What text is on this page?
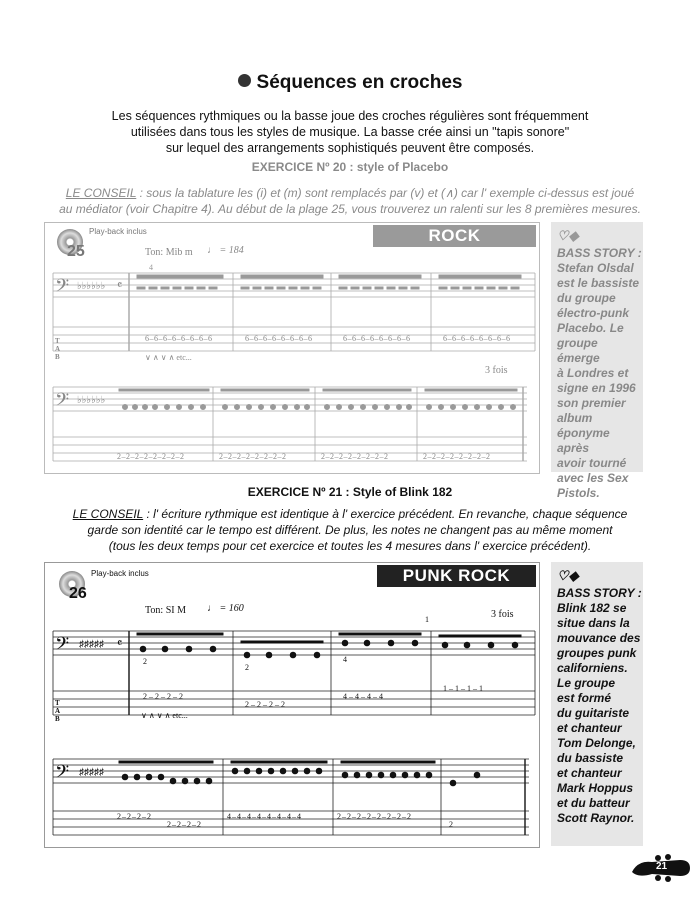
Séquences en croches
Les séquences rythmiques ou la basse joue des croches régulières sont fréquemment
utilisées dans tous les styles de musique. La basse crée ainsi un "tapis sonore"
sur lequel des arrangements sophistiqués peuvent être composés.
EXERCICE Nº 20 : style of Placebo
LE CONSEIL : sous la tablature les (i) et (m) sont remplacés par (v) et (∧) car l' exemple ci-dessus est joué
au médiator (voir Chapitre 4). Au début de la plage 25, vous trouverez un ralenti sur les 8 premières mesures.
25
Play-back inclus	ROCK ALTERNATIF
Ton: Mib m ♩ = 184
4
𝄢
𝄢
♭♭♭♭♭♭
♭♭♭♭♭♭
𝄴
T
A
B
6–6–6–6–6–6–6–6	6–6–6–6–6–6–6–6	6–6–6–6–6–6–6–6	6–6–6–6–6–6–6–6
∨ ∧ ∨ ∧ etc...
3 fois
2–2–2–2–2–2–2–2	2–2–2–2–2–2–2–2	2–2–2–2–2–2–2–2	2–2–2–2–2–2–2–2
♡◆
BASS STORY :
Stefan Olsdal
est le bassiste
du groupe
électro-punk
Placebo. Le
groupe émerge
à Londres et
signe en 1996
son premier
album
éponyme après
avoir tourné
avec les Sex
Pistols.
EXERCICE Nº 21 : Style of Blink 182
LE CONSEIL : l' écriture rythmique est identique à l' exercice précédent. En revanche, chaque séquence
garde son identité car le tempo est différent. De plus, les notes ne changent pas au même moment
(tous les deux temps pour cet exercice et toutes les 4 mesures dans l' exercice précédent).
26
Play-back inclus	PUNK ROCK
Ton: SI M ♩ = 160
3 fois
1
𝄢
𝄢
♯♯♯♯♯
♯♯♯♯♯
𝄴
T
A
B
2
2
4
2–2–2–2
2–2–2–2
4–4–4–4
1–1–1–1
∨ ∧ ∨ ∧ etc...
2–2–2–2
2–2–2–2
4–4–4–4–4–4–4–4	2–2–2–2–2–2–2–2
2
♡◆
BASS STORY :
Blink 182 se
situe dans la
mouvance des
groupes punk
californiens.
Le groupe
est formé
du guitariste
et chanteur
Tom Delonge,
du bassiste
et chanteur
Mark Hoppus
et du batteur
Scott Raynor.
21
